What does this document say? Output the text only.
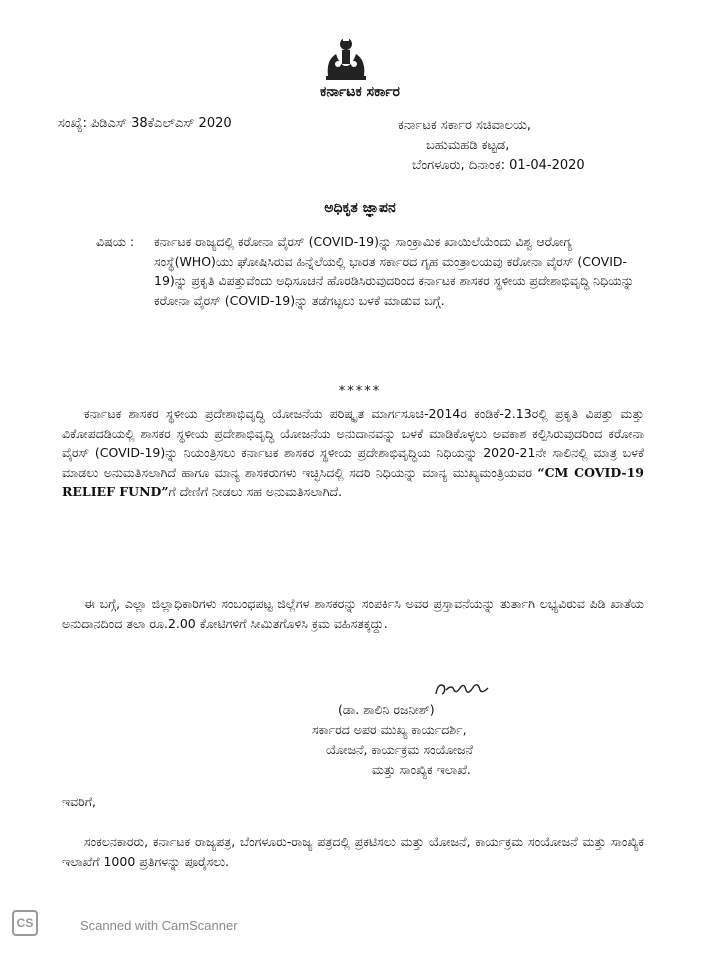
ಕರ್ನಾಟಕ ಸರ್ಕಾರ
ಸಂಖ್ಯೆ: ಪಿಡಿಎಸ್ 38ಕೆಎಲ್‌ಎಸ್ 2020	ಕರ್ನಾಟಕ ಸರ್ಕಾರ ಸಚಿವಾಲಯ,
ಬಹುಮಹಡಿ ಕಟ್ಟಡ,
ಬೆಂಗಳೂರು, ದಿನಾಂಕ: 01-04-2020
ಅಧಿಕೃತ ಜ್ಞಾಪನ
ವಿಷಯ : ಕರ್ನಾಟಕ ರಾಜ್ಯದಲ್ಲಿ ಕರೋನಾ ವೈರಸ್ (COVID-19)ನ್ನು ಸಾಂಕ್ರಾಮಿಕ ಖಾಯಿಲೆಯೆಂದು ವಿಶ್ವ ಆರೋಗ್ಯ ಸಂಸ್ಥೆ(WHO)ಯು ಘೋಷಿಸಿರುವ ಹಿನ್ನೆಲೆಯಲ್ಲಿ ಭಾರತ ಸರ್ಕಾರದ ಗೃಹ ಮಂತ್ರಾಲಯವು ಕರೋನಾ ವೈರಸ್ (COVID-19)ನ್ನು ಪ್ರಕೃತಿ ವಿಪತ್ತುವೆಂದು ಅಧಿಸೂಚನೆ ಹೊರಡಿಸಿರುವುದರಿಂದ ಕರ್ನಾಟಕ ಶಾಸಕರ ಸ್ಥಳೀಯ ಪ್ರದೇಶಾಭಿವೃದ್ಧಿ ನಿಧಿಯನ್ನು ಕರೋನಾ ವೈರಸ್ (COVID-19)ನ್ನು ತಡೆಗಟ್ಟಲು ಬಳಕೆ ಮಾಡುವ ಬಗ್ಗೆ.
*****
ಕರ್ನಾಟಕ ಶಾಸಕರ ಸ್ಥಳೀಯ ಪ್ರದೇಶಾಭಿವೃದ್ಧಿ ಯೋಜನೆಯ ಪರಿಷ್ಕೃತ ಮಾರ್ಗಸೂಚಿ-2014ರ ಕಂಡಿಕೆ-2.13ರಲ್ಲಿ ಪ್ರಕೃತಿ ವಿಪತ್ತು ಮತ್ತು ವಿಕೋಪದಡಿಯಲ್ಲಿ ಶಾಸಕರ ಸ್ಥಳೀಯ ಪ್ರದೇಶಾಭಿವೃದ್ಧಿ ಯೋಜನೆಯ ಅನುದಾನವನ್ನು ಬಳಕೆ ಮಾಡಿಕೊಳ್ಳಲು ಅವಕಾಶ ಕಲ್ಪಿಸಿರುವುದರಿಂದ ಕರೋನಾ ವೈರಸ್ (COVID-19)ನ್ನು ನಿಯಂತ್ರಿಸಲು ಕರ್ನಾಟಕ ಶಾಸಕರ ಸ್ಥಳೀಯ ಪ್ರದೇಶಾಭಿವೃದ್ಧಿಯ ನಿಧಿಯನ್ನು 2020-21ನೇ ಸಾಲಿನಲ್ಲಿ ಮಾತ್ರ ಬಳಕೆ ಮಾಡಲು ಅನುಮತಿಸಲಾಗಿದೆ ಹಾಗೂ ಮಾನ್ಯ ಶಾಸಕರುಗಳು ಇಚ್ಛಿಸಿದಲ್ಲಿ ಸದರಿ ನಿಧಿಯನ್ನು ಮಾನ್ಯ ಮುಖ್ಯಮಂತ್ರಿಯವರ “CM COVID-19 RELIEF FUND”ಗೆ ದೇಣಿಗೆ ನೀಡಲು ಸಹ ಅನುಮತಿಸಲಾಗಿದೆ.
ಈ ಬಗ್ಗೆ, ಎಲ್ಲಾ ಜಿಲ್ಲಾಧಿಕಾರಿಗಳು ಸಂಬಂಧಪಟ್ಟ ಜಿಲ್ಲೆಗಳ ಶಾಸಕರನ್ನು ಸಂಪರ್ಕಿಸಿ ಅವರ ಪ್ರಸ್ತಾವನೆಯನ್ನು ತುರ್ತಾಗಿ ಲಭ್ಯವಿರುವ ಪಿಡಿ ಖಾತೆಯ ಅನುದಾನದಿಂದ ತಲಾ ರೂ.2.00 ಕೋಟಿಗಳಿಗೆ ಸೀಮಿತಗೊಳಿಸಿ ಕ್ರಮ ವಹಿಸತಕ್ಕದ್ದು.
(ಡಾ. ಶಾಲಿನಿ ರಜನೀಶ್)
ಸರ್ಕಾರದ ಅಪರ ಮುಖ್ಯ ಕಾರ್ಯದರ್ಶಿ,
ಯೋಜನೆ, ಕಾರ್ಯಕ್ರಮ ಸಂಯೋಜನೆ
ಮತ್ತು ಸಾಂಖ್ಯಿಕ ಇಲಾಖೆ.
ಇವರಿಗೆ,
ಸಂಕಲನಕಾರರು, ಕರ್ನಾಟಕ ರಾಜ್ಯಪತ್ರ, ಬೆಂಗಳೂರು-ರಾಜ್ಯ ಪತ್ರದಲ್ಲಿ ಪ್ರಕಟಿಸಲು ಮತ್ತು ಯೋಜನೆ, ಕಾರ್ಯಕ್ರಮ ಸಂಯೋಜನೆ ಮತ್ತು ಸಾಂಖ್ಯಿಕ ಇಲಾಖೆಗೆ 1000 ಪ್ರತಿಗಳನ್ನು ಪೂರೈಸಲು.
CS	Scanned with CamScanner
